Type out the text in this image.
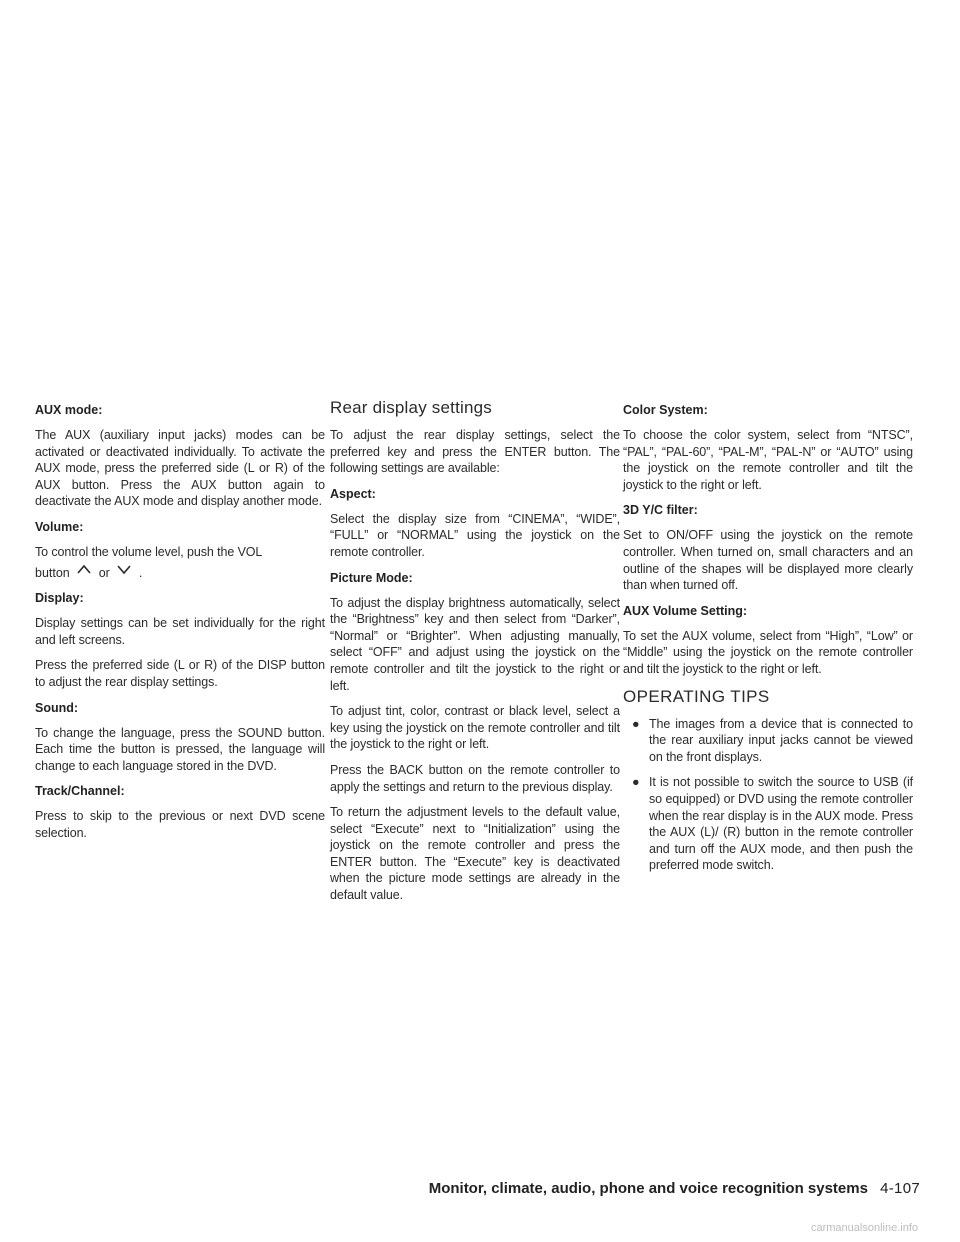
AUX mode:
The AUX (auxiliary input jacks) modes can be activated or deactivated individually. To activate the AUX mode, press the preferred side (L or R) of the AUX button. Press the AUX button again to deactivate the AUX mode and display another mode.
Volume:
To control the volume level, push the VOL
button or .
Display:
Display settings can be set individually for the right and left screens.
Press the preferred side (L or R) of the DISP button to adjust the rear display settings.
Sound:
To change the language, press the SOUND button. Each time the button is pressed, the language will change to each language stored in the DVD.
Track/Channel:
Press to skip to the previous or next DVD scene selection.
Rear display settings
To adjust the rear display settings, select the preferred key and press the ENTER button. The following settings are available:
Aspect:
Select the display size from “CINEMA”, “WIDE”, “FULL” or “NORMAL” using the joystick on the remote controller.
Picture Mode:
To adjust the display brightness automatically, select the “Brightness” key and then select from “Darker”, “Normal” or “Brighter”. When adjusting manually, select “OFF” and adjust using the joystick on the remote controller and tilt the joystick to the right or left.
To adjust tint, color, contrast or black level, select a key using the joystick on the remote controller and tilt the joystick to the right or left.
Press the BACK button on the remote controller to apply the settings and return to the previous display.
To return the adjustment levels to the default value, select “Execute” next to “Initialization” using the joystick on the remote controller and press the ENTER button. The “Execute” key is deactivated when the picture mode settings are already in the default value.
Color System:
To choose the color system, select from “NTSC”, “PAL”, “PAL-60”, “PAL-M”, “PAL-N” or “AUTO” using the joystick on the remote controller and tilt the joystick to the right or left.
3D Y/C filter:
Set to ON/OFF using the joystick on the remote controller. When turned on, small characters and an outline of the shapes will be displayed more clearly than when turned off.
AUX Volume Setting:
To set the AUX volume, select from “High”, “Low” or “Middle” using the joystick on the remote controller and tilt the joystick to the right or left.
OPERATING TIPS
● The images from a device that is connected to the rear auxiliary input jacks cannot be viewed on the front displays.
● It is not possible to switch the source to USB (if so equipped) or DVD using the remote controller when the rear display is in the AUX mode. Press the AUX (L)/ (R) button in the remote controller and turn off the AUX mode, and then push the preferred mode switch.
Monitor, climate, audio, phone and voice recognition systems 4-107
carmanualsonline.info
